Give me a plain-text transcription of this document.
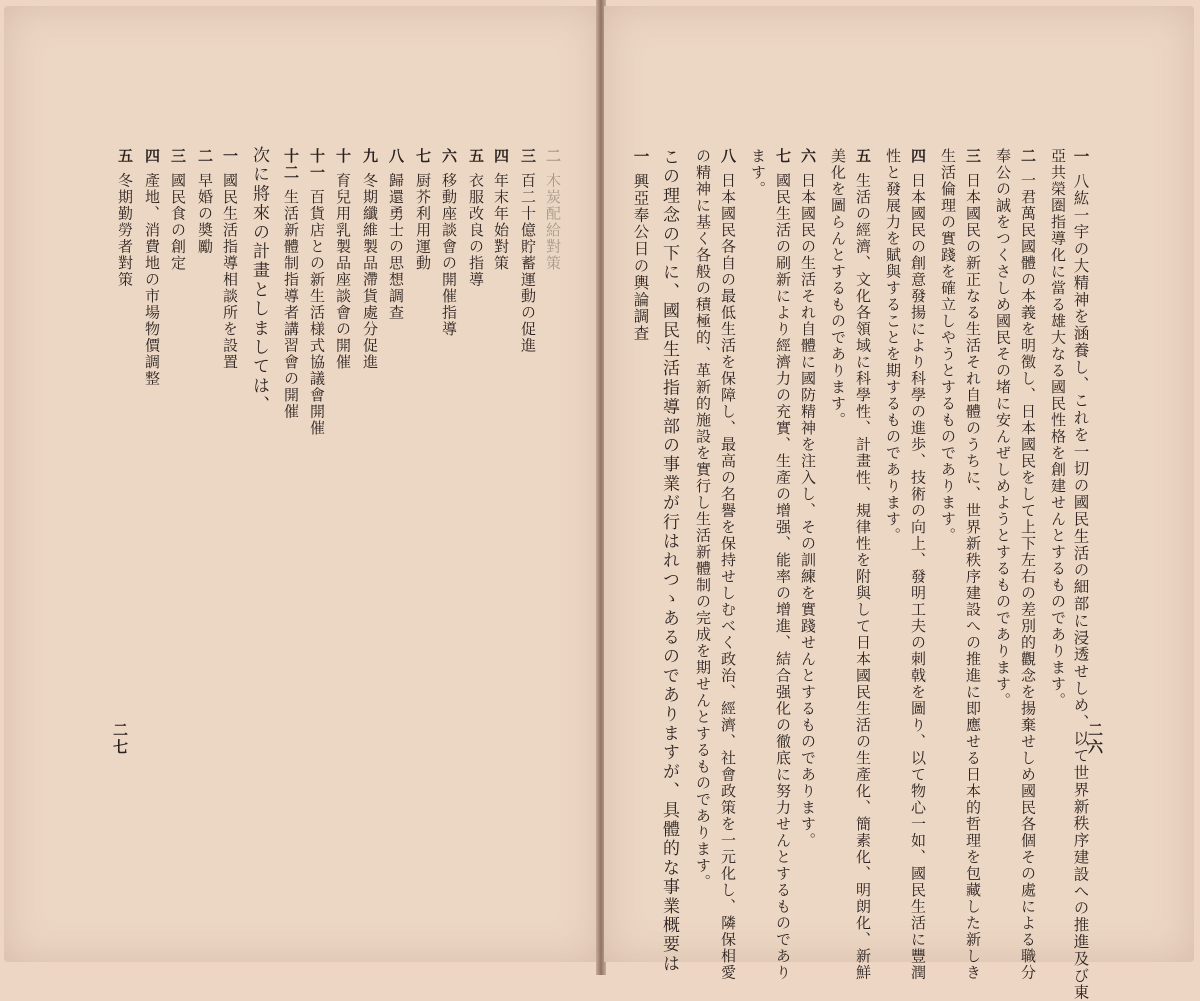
二六
二七
一八紘一宇の大精神を涵養し、これを一切の國民生活の細部に浸透せしめ、以て世界新秩序建設への推進及び東
亞共榮圏指導化に當る雄大なる國民性格を創建せんとするものであります。
二一君萬民國體の本義を明徴し、日本國民をして上下左右の差別的觀念を揚棄せしめ國民各個その處による職分
奉公の誠をつくさしめ國民その堵に安んぜしめようとするものであります。
三日本國民の新正なる生活それ自體のうちに、世界新秩序建設への推進に即應せる日本的哲理を包藏した新しき
生活倫理の實踐を確立しやうとするものであります。
四日本國民の創意發揚により科學の進歩、技術の向上、發明工夫の刺戟を圖り、以て物心一如、國民生活に豐潤
性と發展力を賦與することを期するものであります。
五生活の經濟、文化各領域に科學性、計畫性、規律性を附與して日本國民生活の生產化、簡素化、明朗化、新鮮
美化を圖らんとするものであります。
六日本國民の生活それ自體に國防精神を注入し、その訓練を實踐せんとするものであります。
七國民生活の刷新により經濟力の充實、生產の增强、能率の增進、結合强化の徹底に努力せんとするものであり
ます。
八日本國民各自の最低生活を保障し、最高の名譽を保持せしむべく政治、經濟、社會政策を一元化し、隣保相愛
の精神に基く各般の積極的、革新的施設を實行し生活新體制の完成を期せんとするものであります。
この理念の下に、國民生活指導部の事業が行はれつゝあるのでありますが、具體的な事業概要は
一興亞奉公日の輿論調査
二木炭配給對策
三百二十億貯蓄運動の促進
四年末年始對策
五衣服改良の指導
六移動座談會の開催指導
七厨芥利用運動
八歸還勇士の思想調查
九冬期纖維製品滯貨處分促進
十育兒用乳製品座談會の開催
十一百貨店との新生活様式協議會開催
十二生活新體制指導者講習會の開催
次に將來の計畫としましては、
一國民生活指導相談所を設置
二早婚の奬勵
三國民食の創定
四產地、消費地の市場物價調整
五冬期勤勞者對策
